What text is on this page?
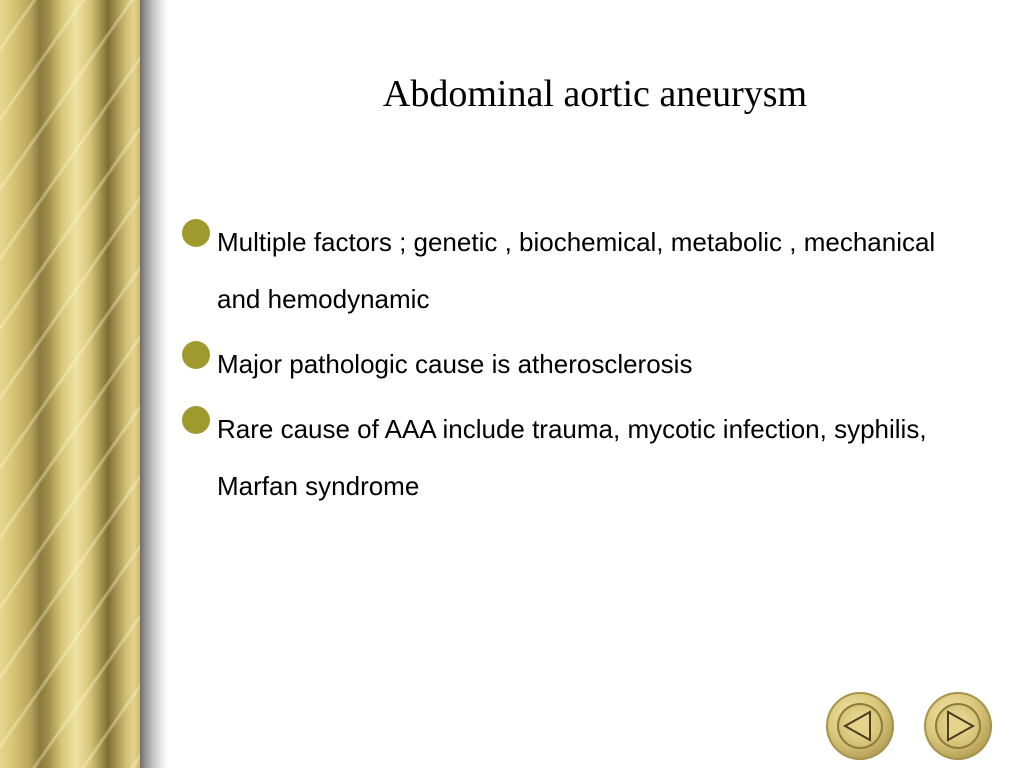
Abdominal aortic aneurysm
Multiple factors ; genetic , biochemical, metabolic , mechanical and hemodynamic
Major pathologic cause is atherosclerosis
Rare cause of AAA include trauma, mycotic infection, syphilis, Marfan syndrome
